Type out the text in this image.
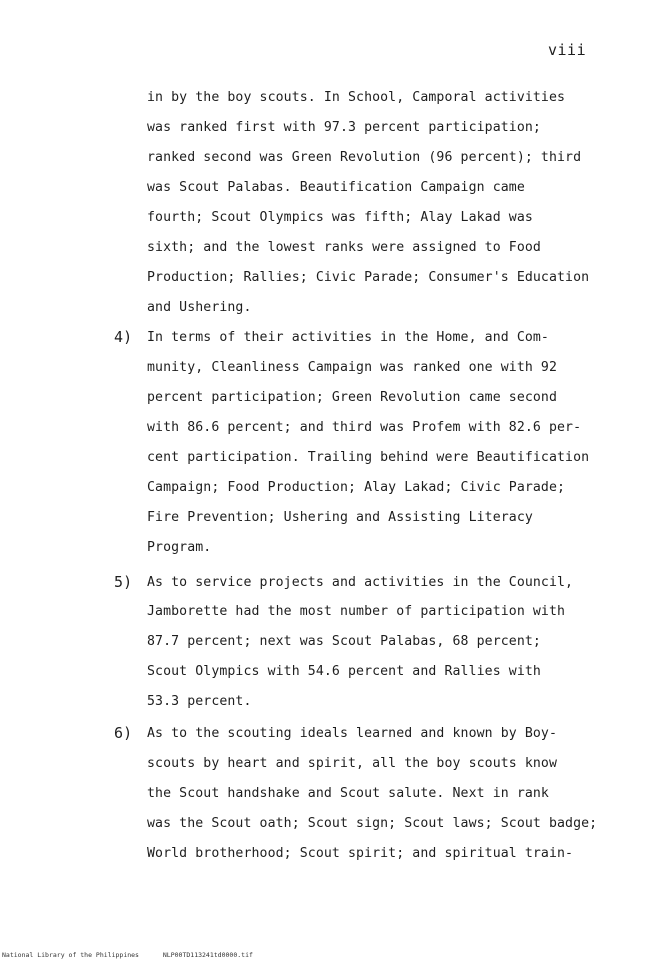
viii
in by the boy scouts. In School, Camporal activities
was ranked first with 97.3 percent participation;
ranked second was Green Revolution (96 percent); third
was Scout Palabas. Beautification Campaign came
fourth; Scout Olympics was fifth; Alay Lakad was
sixth; and the lowest ranks were assigned to Food
Production; Rallies; Civic Parade; Consumer's Education
and Ushering.
4) In terms of their activities in the Home, and Com-
munity, Cleanliness Campaign was ranked one with 92
percent participation; Green Revolution came second
with 86.6 percent; and third was Profem with 82.6 per-
cent participation. Trailing behind were Beautification
Campaign; Food Production; Alay Lakad; Civic Parade;
Fire Prevention; Ushering and Assisting Literacy
Program.
5) As to service projects and activities in the Council,
Jamborette had the most number of participation with
87.7 percent; next was Scout Palabas, 68 percent;
Scout Olympics with 54.6 percent and Rallies with
53.3 percent.
6) As to the scouting ideals learned and known by Boy-
scouts by heart and spirit, all the boy scouts know
the Scout handshake and Scout salute. Next in rank
was the Scout oath; Scout sign; Scout laws; Scout badge;
World brotherhood; Scout spirit; and spiritual train-
National Library of the Philippines	NLP00TD113241td0000.tif
